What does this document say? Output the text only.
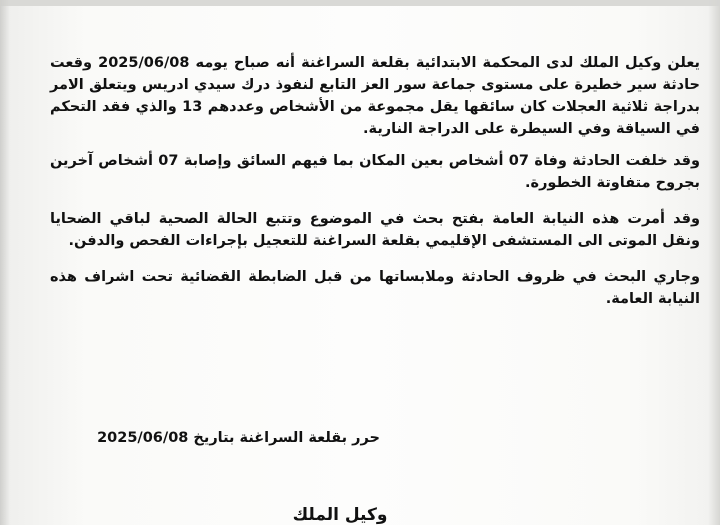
يعلن وكيل الملك لدى المحكمة الابتدائية بقلعة السراغنة أنه صباح يومه 2025/06/08 وقعت حادثة سير خطيرة على مستوى جماعة سور العز التابع لنفوذ درك سيدي ادريس ويتعلق الامر بدراجة ثلاثية العجلات كان سائقها يقل مجموعة من الأشخاص وعددهم 13 والذي فقد التحكم في السياقة وفي السيطرة على الدراجة النارية.

وقد خلفت الحادثة وفاة 07 أشخاص بعين المكان بما فيهم السائق وإصابة 07 أشخاص آخرين بجروح متفاوتة الخطورة.

وقد أمرت هذه النيابة العامة بفتح بحث في الموضوع وتتبع الحالة الصحية لباقي الضحايا ونقل الموتى الى المستشفى الإقليمي بقلعة السراغنة للتعجيل بإجراءات الفحص والدفن.

وجاري البحث في ظروف الحادثة وملابساتها من قبل الضابطة القضائية تحت اشراف هذه النيابة العامة.

حرر بقلعة السراغنة بتاريخ 2025/06/08
وكيل الملك
